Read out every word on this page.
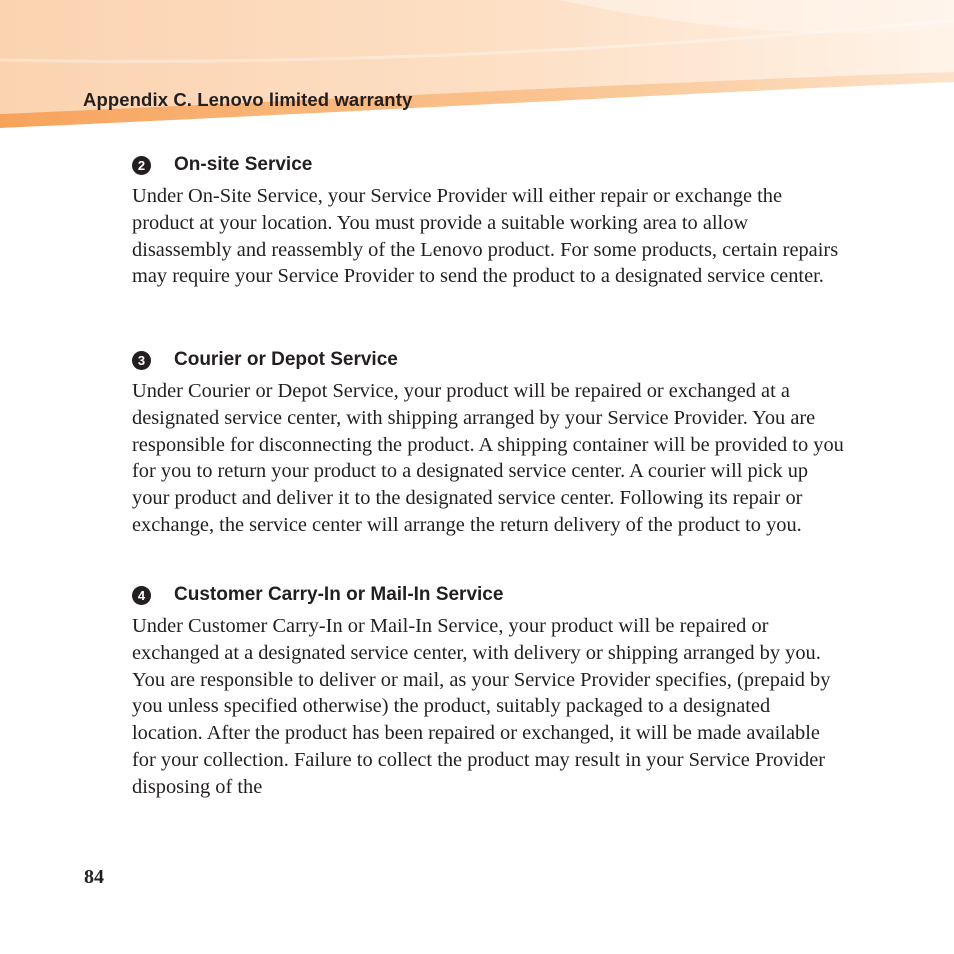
Appendix C. Lenovo limited warranty
2	On-site Service

Under On-Site Service, your Service Provider will either repair or exchange the product at your location. You must provide a suitable working area to allow disassembly and reassembly of the Lenovo product. For some products, certain repairs may require your Service Provider to send the product to a designated service center.

3	Courier or Depot Service

Under Courier or Depot Service, your product will be repaired or exchanged at a designated service center, with shipping arranged by your Service Provider. You are responsible for disconnecting the product. A shipping container will be provided to you for you to return your product to a designated service center. A courier will pick up your product and deliver it to the designated service center. Following its repair or exchange, the service center will arrange the return delivery of the product to you.

4	Customer Carry-In or Mail-In Service

Under Customer Carry-In or Mail-In Service, your product will be repaired or exchanged at a designated service center, with delivery or shipping arranged by you. You are responsible to deliver or mail, as your Service Provider specifies, (prepaid by you unless specified otherwise) the product, suitably packaged to a designated location. After the product has been repaired or exchanged, it will be made available for your collection. Failure to collect the product may result in your Service Provider disposing of the

84
